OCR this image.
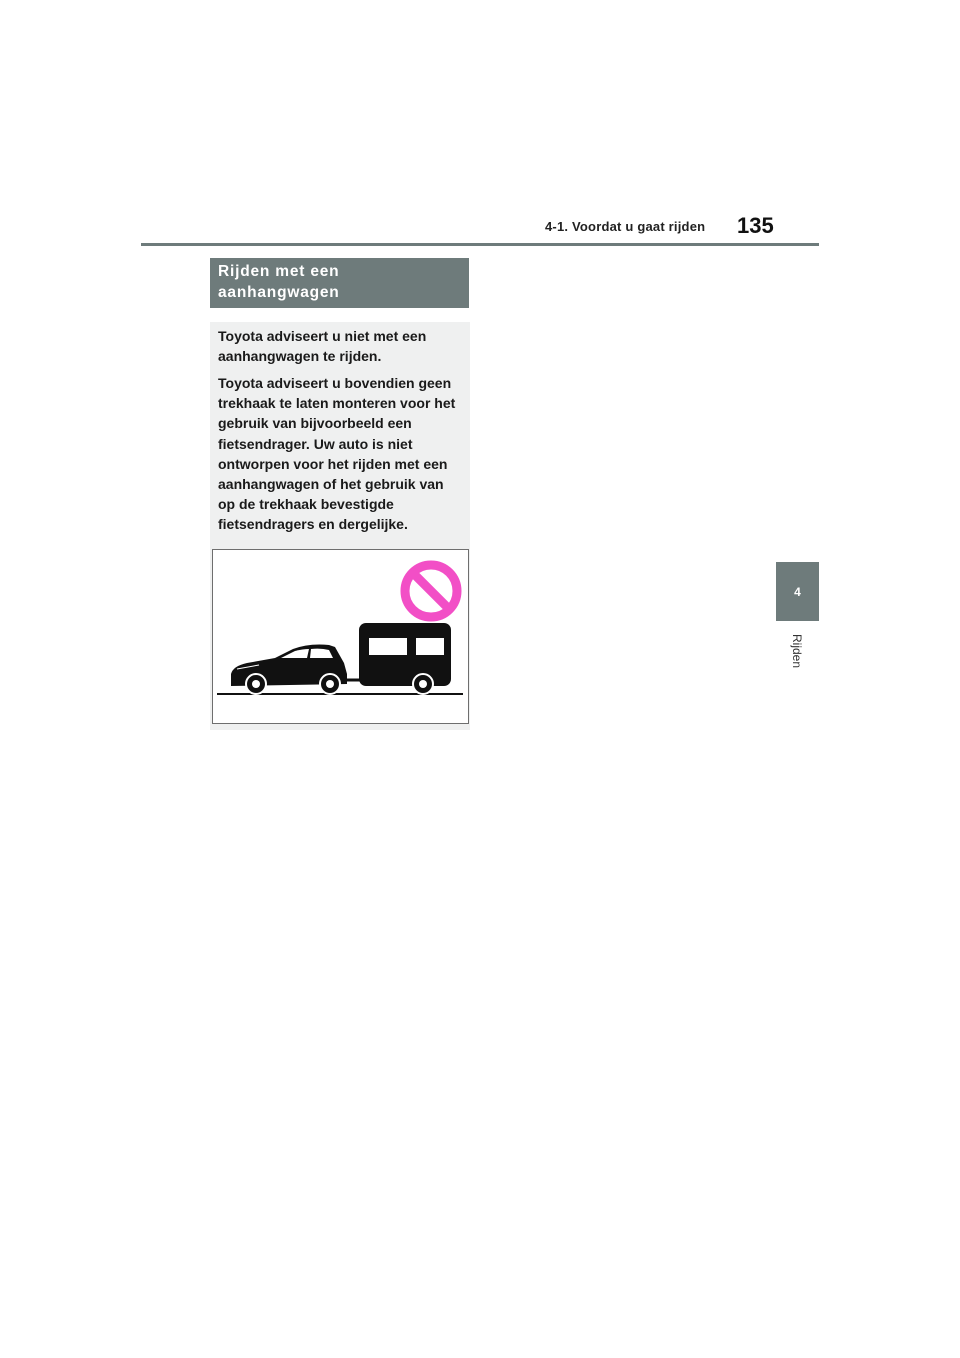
4-1. Voordat u gaat rijden 135
4
Rijden
Rijden met een aanhangwagen

Toyota adviseert u niet met een aanhangwagen te rijden.

Toyota adviseert u bovendien geen trekhaak te laten monteren voor het gebruik van bijvoorbeeld een fietsendrager. Uw auto is niet ontworpen voor het rijden met een aanhangwagen of het gebruik van op de trekhaak bevestigde fietsendragers en dergelijke.
